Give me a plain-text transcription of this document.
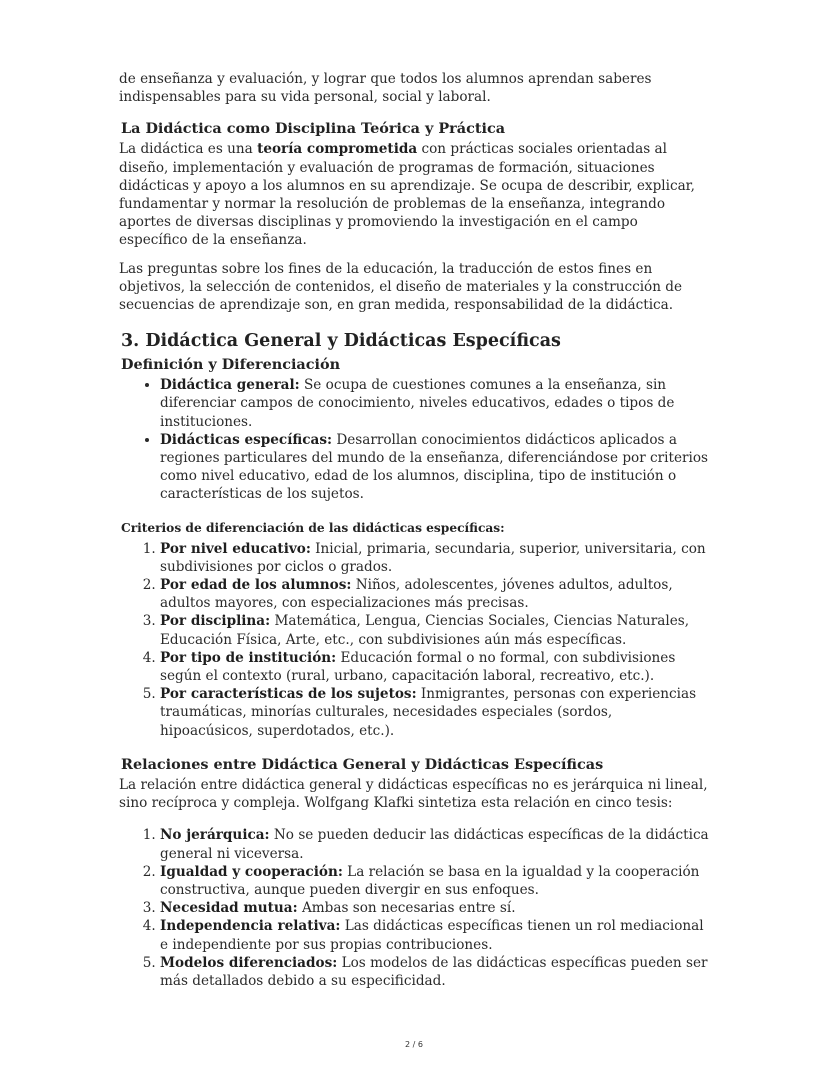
de enseñanza y evaluación, y lograr que todos los alumnos aprendan saberes indispensables para su vida personal, social y laboral.

La Didáctica como Disciplina Teórica y Práctica

La didáctica es una teoría comprometida con prácticas sociales orientadas al diseño, implementación y evaluación de programas de formación, situaciones didácticas y apoyo a los alumnos en su aprendizaje. Se ocupa de describir, explicar, fundamentar y normar la resolución de problemas de la enseñanza, integrando aportes de diversas disciplinas y promoviendo la investigación en el campo específico de la enseñanza.

Las preguntas sobre los fines de la educación, la traducción de estos fines en objetivos, la selección de contenidos, el diseño de materiales y la construcción de secuencias de aprendizaje son, en gran medida, responsabilidad de la didáctica.

3. Didáctica General y Didácticas Específicas
Definición y Diferenciación
• Didáctica general: Se ocupa de cuestiones comunes a la enseñanza, sin diferenciar campos de conocimiento, niveles educativos, edades o tipos de instituciones.
• Didácticas específicas: Desarrollan conocimientos didácticos aplicados a regiones particulares del mundo de la enseñanza, diferenciándose por criterios como nivel educativo, edad de los alumnos, disciplina, tipo de institución o características de los sujetos.
Criterios de diferenciación de las didácticas específicas:
1. Por nivel educativo: Inicial, primaria, secundaria, superior, universitaria, con subdivisiones por ciclos o grados.
2. Por edad de los alumnos: Niños, adolescentes, jóvenes adultos, adultos, adultos mayores, con especializaciones más precisas.
3. Por disciplina: Matemática, Lengua, Ciencias Sociales, Ciencias Naturales, Educación Física, Arte, etc., con subdivisiones aún más específicas.
4. Por tipo de institución: Educación formal o no formal, con subdivisiones según el contexto (rural, urbano, capacitación laboral, recreativo, etc.).
5. Por características de los sujetos: Inmigrantes, personas con experiencias traumáticas, minorías culturales, necesidades especiales (sordos, hipoacúsicos, superdotados, etc.).
Relaciones entre Didáctica General y Didácticas Específicas

La relación entre didáctica general y didácticas específicas no es jerárquica ni lineal, sino recíproca y compleja. Wolfgang Klafki sintetiza esta relación en cinco tesis:

1. No jerárquica: No se pueden deducir las didácticas específicas de la didáctica general ni viceversa.
2. Igualdad y cooperación: La relación se basa en la igualdad y la cooperación constructiva, aunque pueden divergir en sus enfoques.
3. Necesidad mutua: Ambas son necesarias entre sí.
4. Independencia relativa: Las didácticas específicas tienen un rol mediacional e independiente por sus propias contribuciones.
5. Modelos diferenciados: Los modelos de las didácticas específicas pueden ser más detallados debido a su especificidad.
2 / 6
